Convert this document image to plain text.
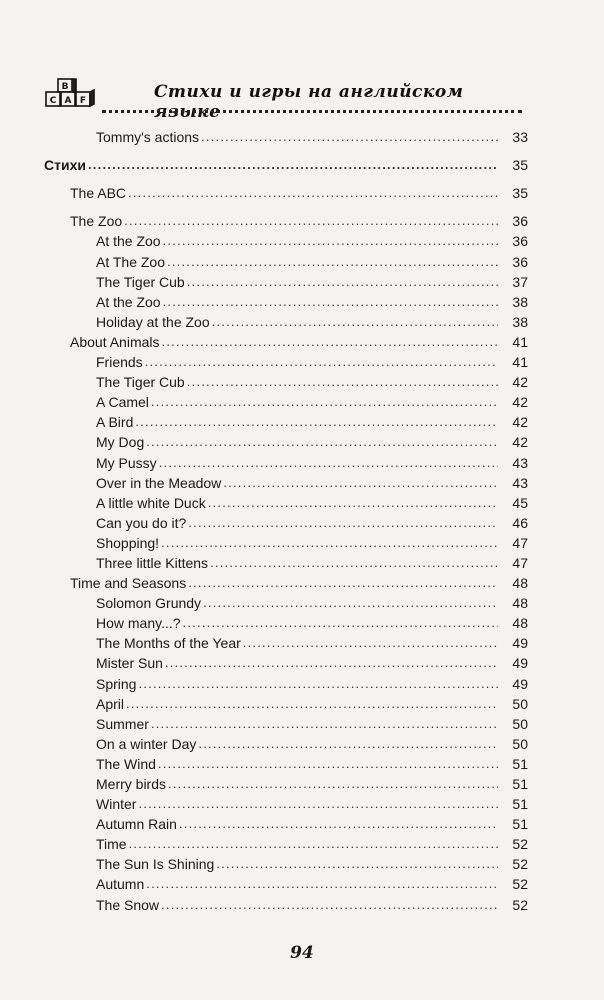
B
C A F	Стихи и игры на английском языке
Tommy's actions . . .	33
Стихи . . .	35
The ABC . . .	35
The Zoo . . .	36
At the Zoo . . .	36
At The Zoo . . .	36
The Tiger Cub . . .	37
At the Zoo . . .	38
Holiday at the Zoo . . .	38
About Animals . . .	41
Friends . . .	41
The Tiger Cub . . .	42
A Camel . . .	42
A Bird . . .	42
My Dog . . .	42
My Pussy . . .	43
Over in the Meadow . . .	43
A little white Duck . . .	45
Can you do it? . . .	46
Shopping! . . .	47
Three little Kittens . . .	47
Time and Seasons . . .	48
Solomon Grundy . . .	48
How many...? . . .	48
The Months of the Year . . .	49
Mister Sun . . .	49
Spring . . .	49
April . . .	50
Summer . . .	50
On a winter Day . . .	50
The Wind . . .	51
Merry birds . . .	51
Winter . . .	51
Autumn Rain . . .	51
Time . . .	52
The Sun Is Shining . . .	52
Autumn . . .	52
The Snow . . .	52
94
